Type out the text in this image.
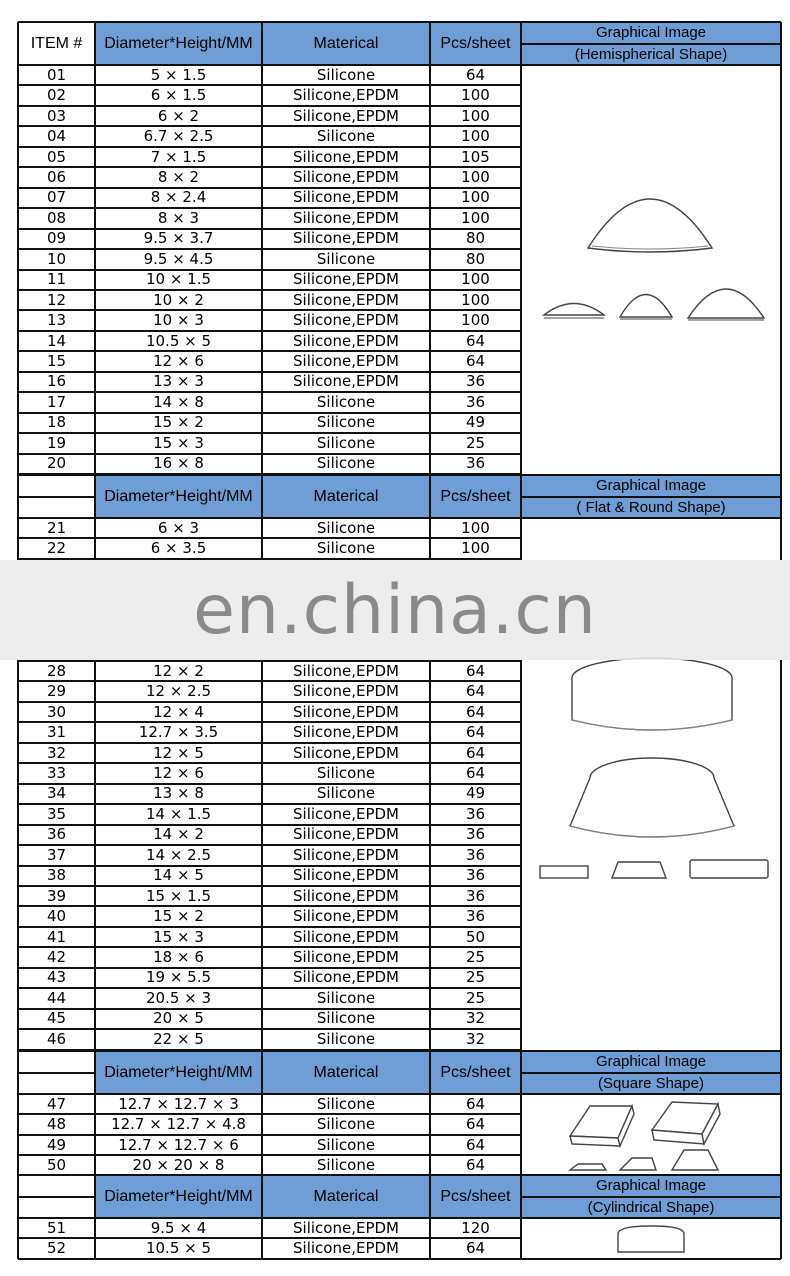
ITEM #	Diameter*Height/MM	Materical	Pcs/sheet
Graphical Image
(Hemispherical Shape)
01	5 × 1.5	Silicone	64
02	6 × 1.5	Silicone,EPDM	100
03	6 × 2	Silicone,EPDM	100
04	6.7 × 2.5	Silicone	100
05	7 × 1.5	Silicone,EPDM	105
06	8 × 2	Silicone,EPDM	100
07	8 × 2.4	Silicone,EPDM	100
08	8 × 3	Silicone,EPDM	100
09	9.5 × 3.7	Silicone,EPDM	80
10	9.5 × 4.5	Silicone	80
11	10 × 1.5	Silicone,EPDM	100
12	10 × 2	Silicone,EPDM	100
13	10 × 3	Silicone,EPDM	100
14	10.5 × 5	Silicone,EPDM	64
15	12 × 6	Silicone,EPDM	64
16	13 × 3	Silicone,EPDM	36
17	14 × 8	Silicone	36
18	15 × 2	Silicone	49
19	15 × 3	Silicone	25
20	16 × 8	Silicone	36
Diameter*Height/MM	Materical	Pcs/sheet
Graphical Image
( Flat & Round Shape)
21	6 × 3	Silicone	100
22	6 × 3.5	Silicone	100
28	12 × 2	Silicone,EPDM	64
29	12 × 2.5	Silicone,EPDM	64
30	12 × 4	Silicone,EPDM	64
31	12.7 × 3.5	Silicone,EPDM	64
32	12 × 5	Silicone,EPDM	64
33	12 × 6	Silicone	64
34	13 × 8	Silicone	49
35	14 × 1.5	Silicone,EPDM	36
36	14 × 2	Silicone,EPDM	36
37	14 × 2.5	Silicone,EPDM	36
38	14 × 5	Silicone,EPDM	36
39	15 × 1.5	Silicone,EPDM	36
40	15 × 2	Silicone,EPDM	36
41	15 × 3	Silicone,EPDM	50
42	18 × 6	Silicone,EPDM	25
43	19 × 5.5	Silicone,EPDM	25
44	20.5 × 3	Silicone	25
45	20 × 5	Silicone	32
46	22 × 5	Silicone	32
Diameter*Height/MM	Materical	Pcs/sheet
Graphical Image
(Square Shape)
47	12.7 × 12.7 × 3	Silicone	64
48	12.7 × 12.7 × 4.8	Silicone	64
49	12.7 × 12.7 × 6	Silicone	64
50	20 × 20 × 8	Silicone	64
Diameter*Height/MM	Materical	Pcs/sheet
Graphical Image
(Cylindrical Shape)
51	9.5 × 4	Silicone,EPDM	120
52	10.5 × 5	Silicone,EPDM	64
en.china.cn
